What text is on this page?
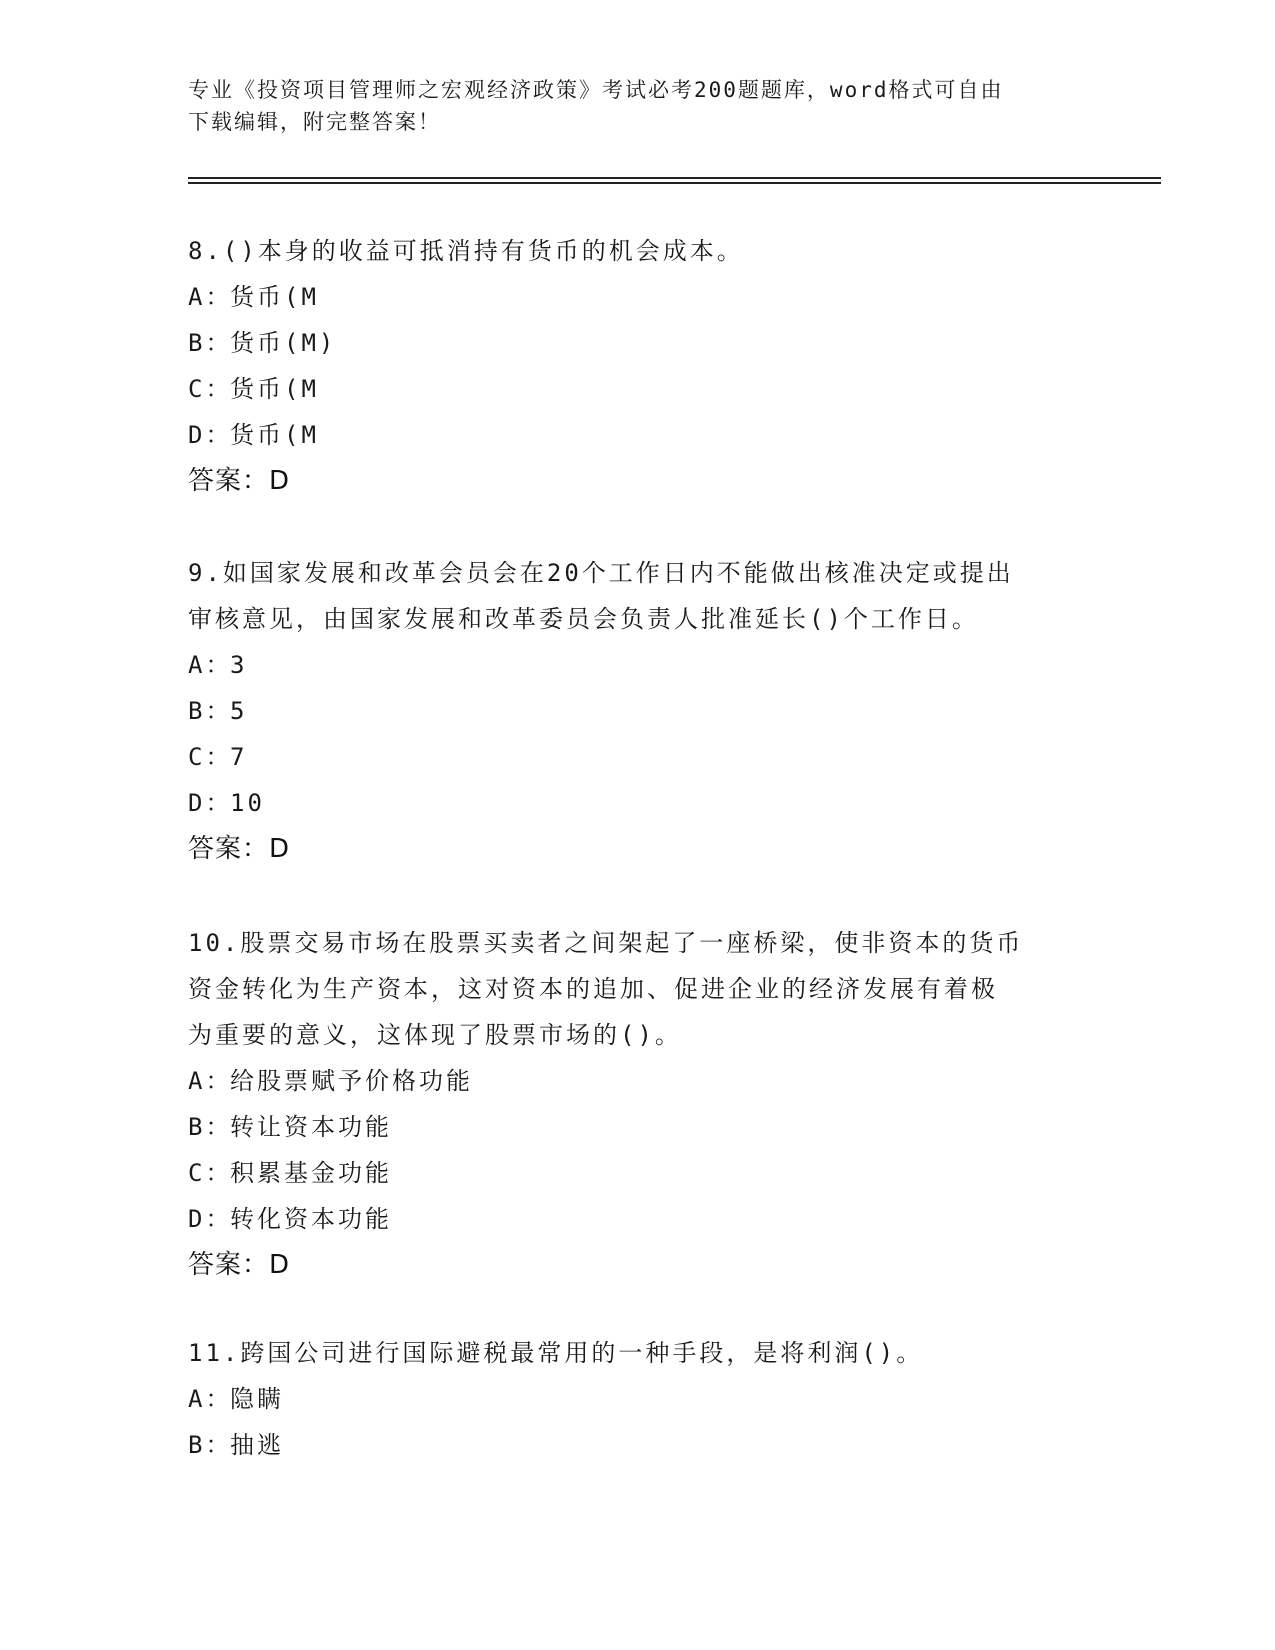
专业《投资项目管理师之宏观经济政策》考试必考200题题库，word格式可自由
下载编辑，附完整答案！

8.()本身的收益可抵消持有货币的机会成本。

A：货币(M

B：货币(M)

C：货币(M

D：货币(M

答案：D

9.如国家发展和改革会员会在20个工作日内不能做出核准决定或提出

审核意见，由国家发展和改革委员会负责人批准延长()个工作日。

A：3

B：5

C：7

D：10

答案：D

10.股票交易市场在股票买卖者之间架起了一座桥梁，使非资本的货币

资金转化为生产资本，这对资本的追加、促进企业的经济发展有着极

为重要的意义，这体现了股票市场的()。

A：给股票赋予价格功能

B：转让资本功能

C：积累基金功能

D：转化资本功能

答案：D

11.跨国公司进行国际避税最常用的一种手段，是将利润()。

A：隐瞒

B：抽逃
